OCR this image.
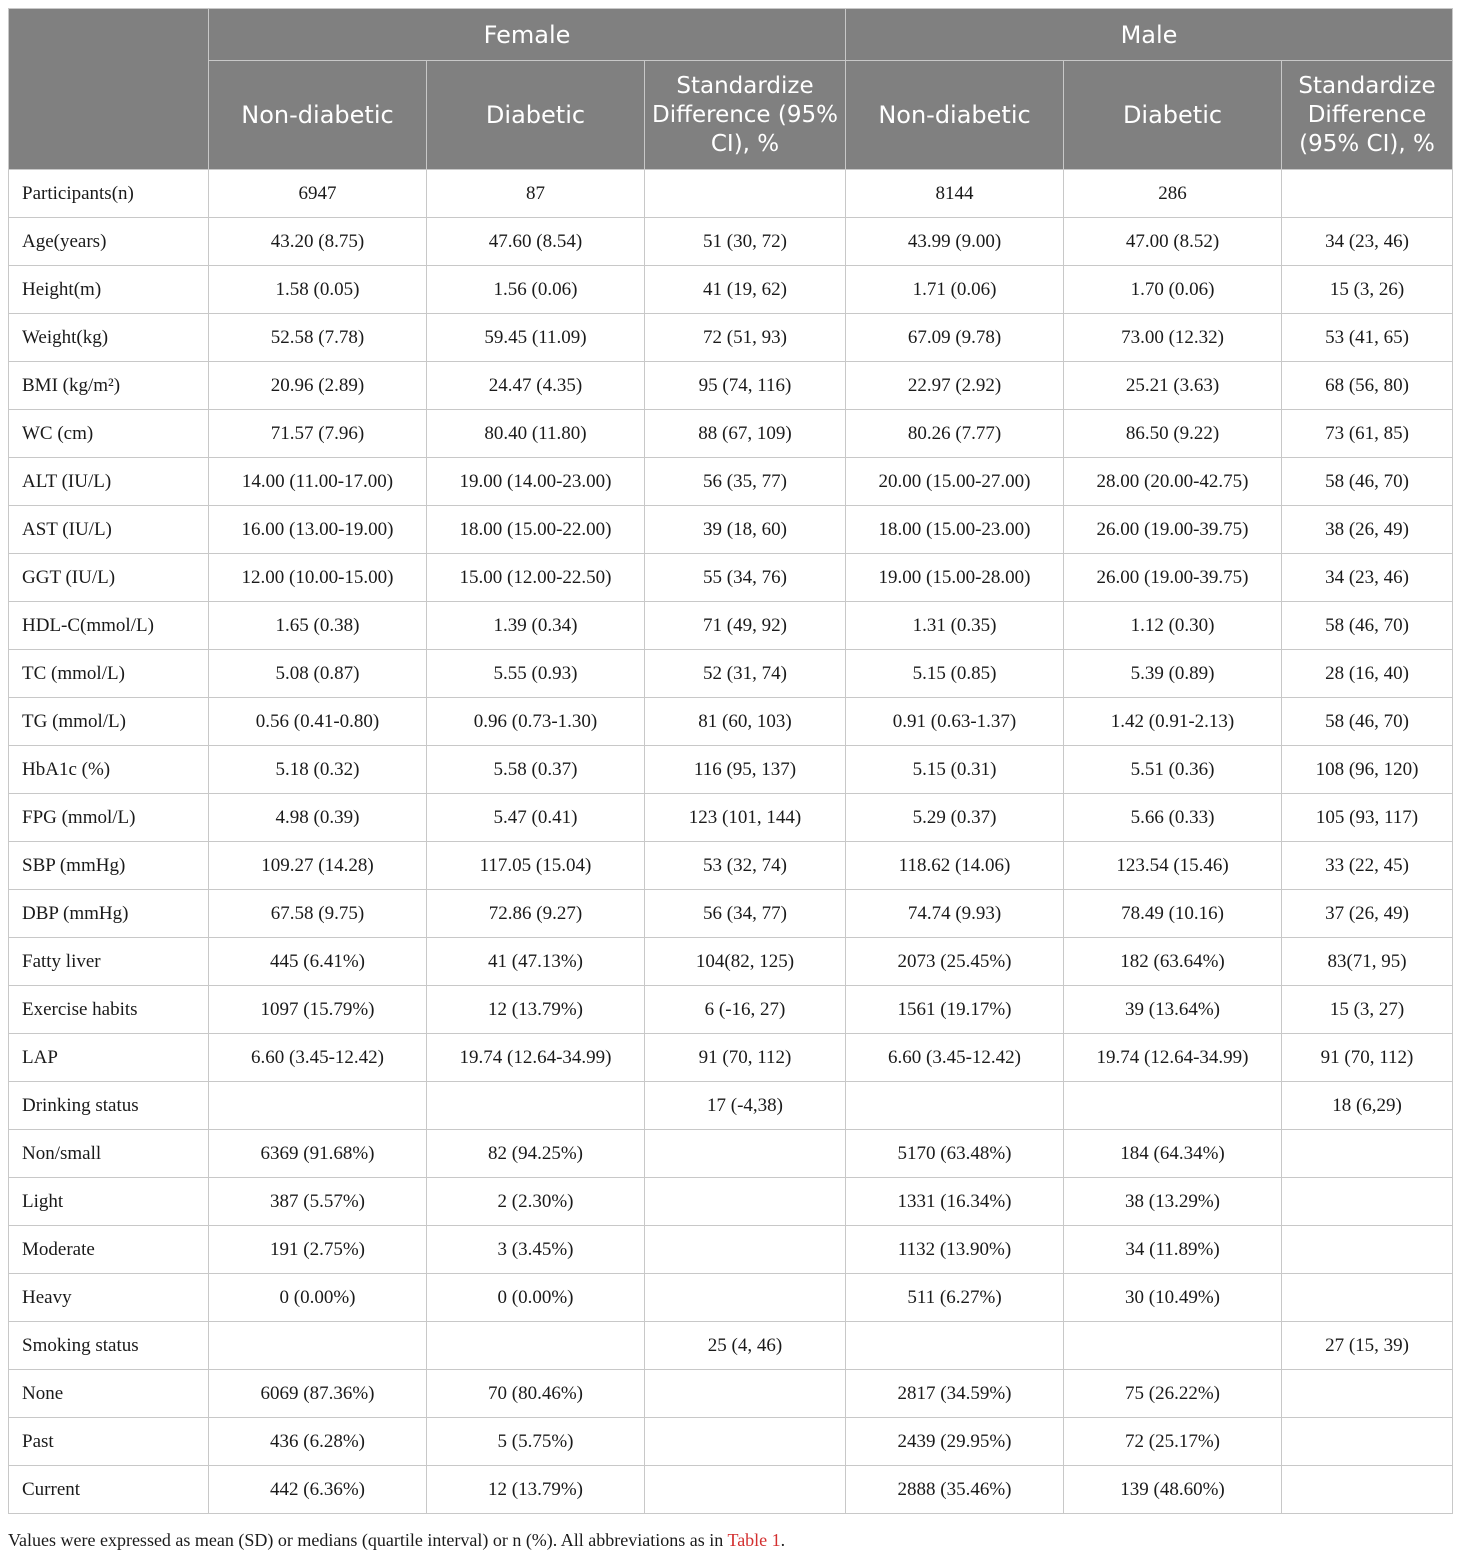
	Female			Male		
	Non-diabetic	Diabetic	Standardize Difference (95% CI), %	Non-diabetic	Diabetic	Standardize Difference (95% CI), %
Participants(n)	6947	87		8144	286	
Age(years)	43.20 (8.75)	47.60 (8.54)	51 (30, 72)	43.99 (9.00)	47.00 (8.52)	34 (23, 46)
Height(m)	1.58 (0.05)	1.56 (0.06)	41 (19, 62)	1.71 (0.06)	1.70 (0.06)	15 (3, 26)
Weight(kg)	52.58 (7.78)	59.45 (11.09)	72 (51, 93)	67.09 (9.78)	73.00 (12.32)	53 (41, 65)
BMI (kg/m²)	20.96 (2.89)	24.47 (4.35)	95 (74, 116)	22.97 (2.92)	25.21 (3.63)	68 (56, 80)
WC (cm)	71.57 (7.96)	80.40 (11.80)	88 (67, 109)	80.26 (7.77)	86.50 (9.22)	73 (61, 85)
ALT (IU/L)	14.00 (11.00-17.00)	19.00 (14.00-23.00)	56 (35, 77)	20.00 (15.00-27.00)	28.00 (20.00-42.75)	58 (46, 70)
AST (IU/L)	16.00 (13.00-19.00)	18.00 (15.00-22.00)	39 (18, 60)	18.00 (15.00-23.00)	26.00 (19.00-39.75)	38 (26, 49)
GGT (IU/L)	12.00 (10.00-15.00)	15.00 (12.00-22.50)	55 (34, 76)	19.00 (15.00-28.00)	26.00 (19.00-39.75)	34 (23, 46)
HDL-C(mmol/L)	1.65 (0.38)	1.39 (0.34)	71 (49, 92)	1.31 (0.35)	1.12 (0.30)	58 (46, 70)
TC (mmol/L)	5.08 (0.87)	5.55 (0.93)	52 (31, 74)	5.15 (0.85)	5.39 (0.89)	28 (16, 40)
TG (mmol/L)	0.56 (0.41-0.80)	0.96 (0.73-1.30)	81 (60, 103)	0.91 (0.63-1.37)	1.42 (0.91-2.13)	58 (46, 70)
HbA1c (%)	5.18 (0.32)	5.58 (0.37)	116 (95, 137)	5.15 (0.31)	5.51 (0.36)	108 (96, 120)
FPG (mmol/L)	4.98 (0.39)	5.47 (0.41)	123 (101, 144)	5.29 (0.37)	5.66 (0.33)	105 (93, 117)
SBP (mmHg)	109.27 (14.28)	117.05 (15.04)	53 (32, 74)	118.62 (14.06)	123.54 (15.46)	33 (22, 45)
DBP (mmHg)	67.58 (9.75)	72.86 (9.27)	56 (34, 77)	74.74 (9.93)	78.49 (10.16)	37 (26, 49)
Fatty liver	445 (6.41%)	41 (47.13%)	104(82, 125)	2073 (25.45%)	182 (63.64%)	83(71, 95)
Exercise habits	1097 (15.79%)	12 (13.79%)	6 (-16, 27)	1561 (19.17%)	39 (13.64%)	15 (3, 27)
LAP	6.60 (3.45-12.42)	19.74 (12.64-34.99)	91 (70, 112)	6.60 (3.45-12.42)	19.74 (12.64-34.99)	91 (70, 112)
Drinking status			17 (-4,38)			18 (6,29)
Non/small	6369 (91.68%)	82 (94.25%)		5170 (63.48%)	184 (64.34%)	
Light	387 (5.57%)	2 (2.30%)		1331 (16.34%)	38 (13.29%)	
Moderate	191 (2.75%)	3 (3.45%)		1132 (13.90%)	34 (11.89%)	
Heavy	0 (0.00%)	0 (0.00%)		511 (6.27%)	30 (10.49%)	
Smoking status			25 (4, 46)			27 (15, 39)
None	6069 (87.36%)	70 (80.46%)		2817 (34.59%)	75 (26.22%)	
Past	436 (6.28%)	5 (5.75%)		2439 (29.95%)	72 (25.17%)	
Current	442 (6.36%)	12 (13.79%)		2888 (35.46%)	139 (48.60%)	
Values were expressed as mean (SD) or medians (quartile interval) or n (%). All abbreviations as in Table 1.
